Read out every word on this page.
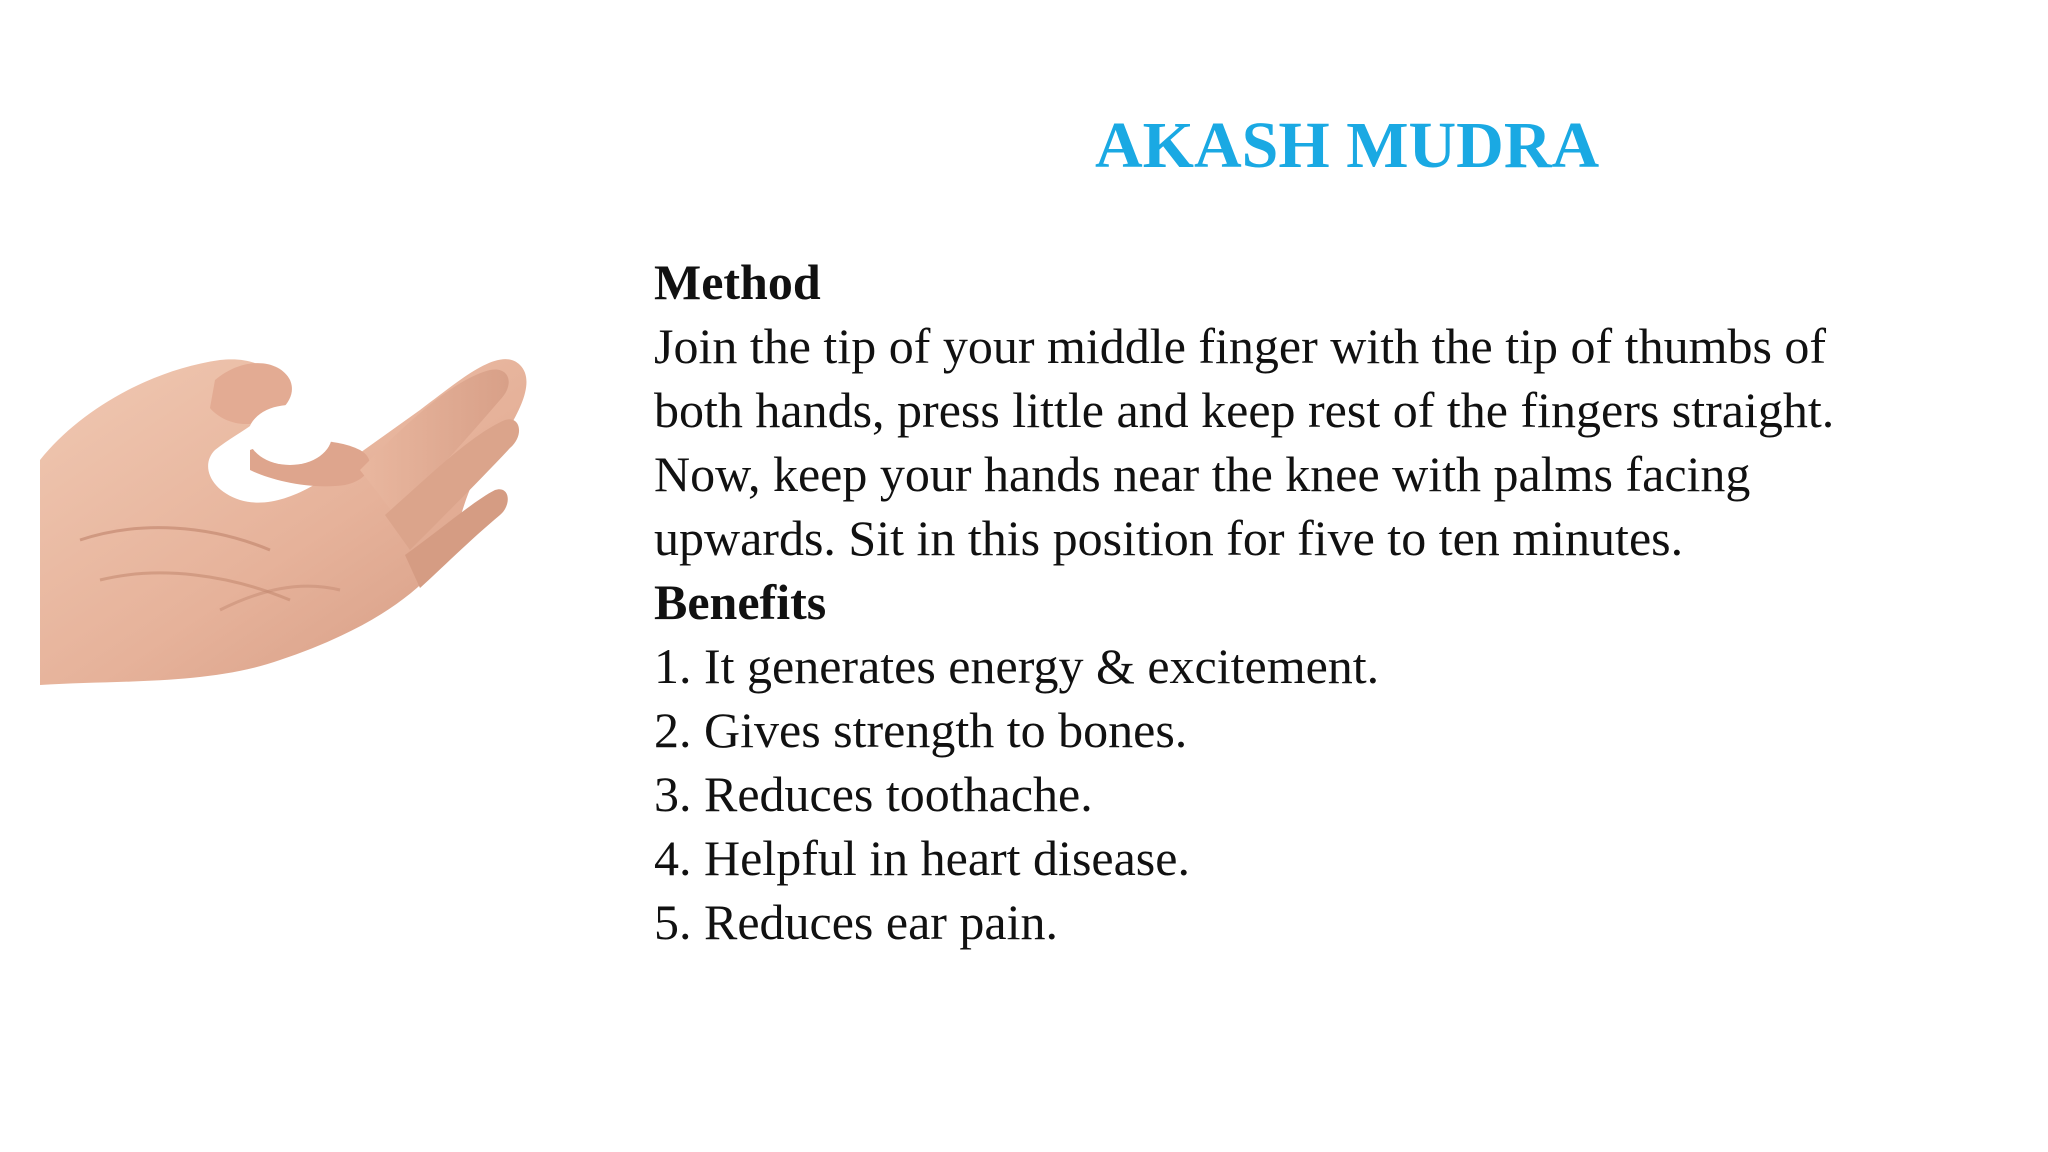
AKASH MUDRA
Method

Join the tip of your middle finger with the tip of thumbs of
both hands, press little and keep rest of the fingers straight.
Now, keep your hands near the knee with palms facing
upwards. Sit in this position for five to ten minutes.

Benefits
1. It generates energy & excitement.
2. Gives strength to bones.
3. Reduces toothache.
4. Helpful in heart disease.
5. Reduces ear pain.
